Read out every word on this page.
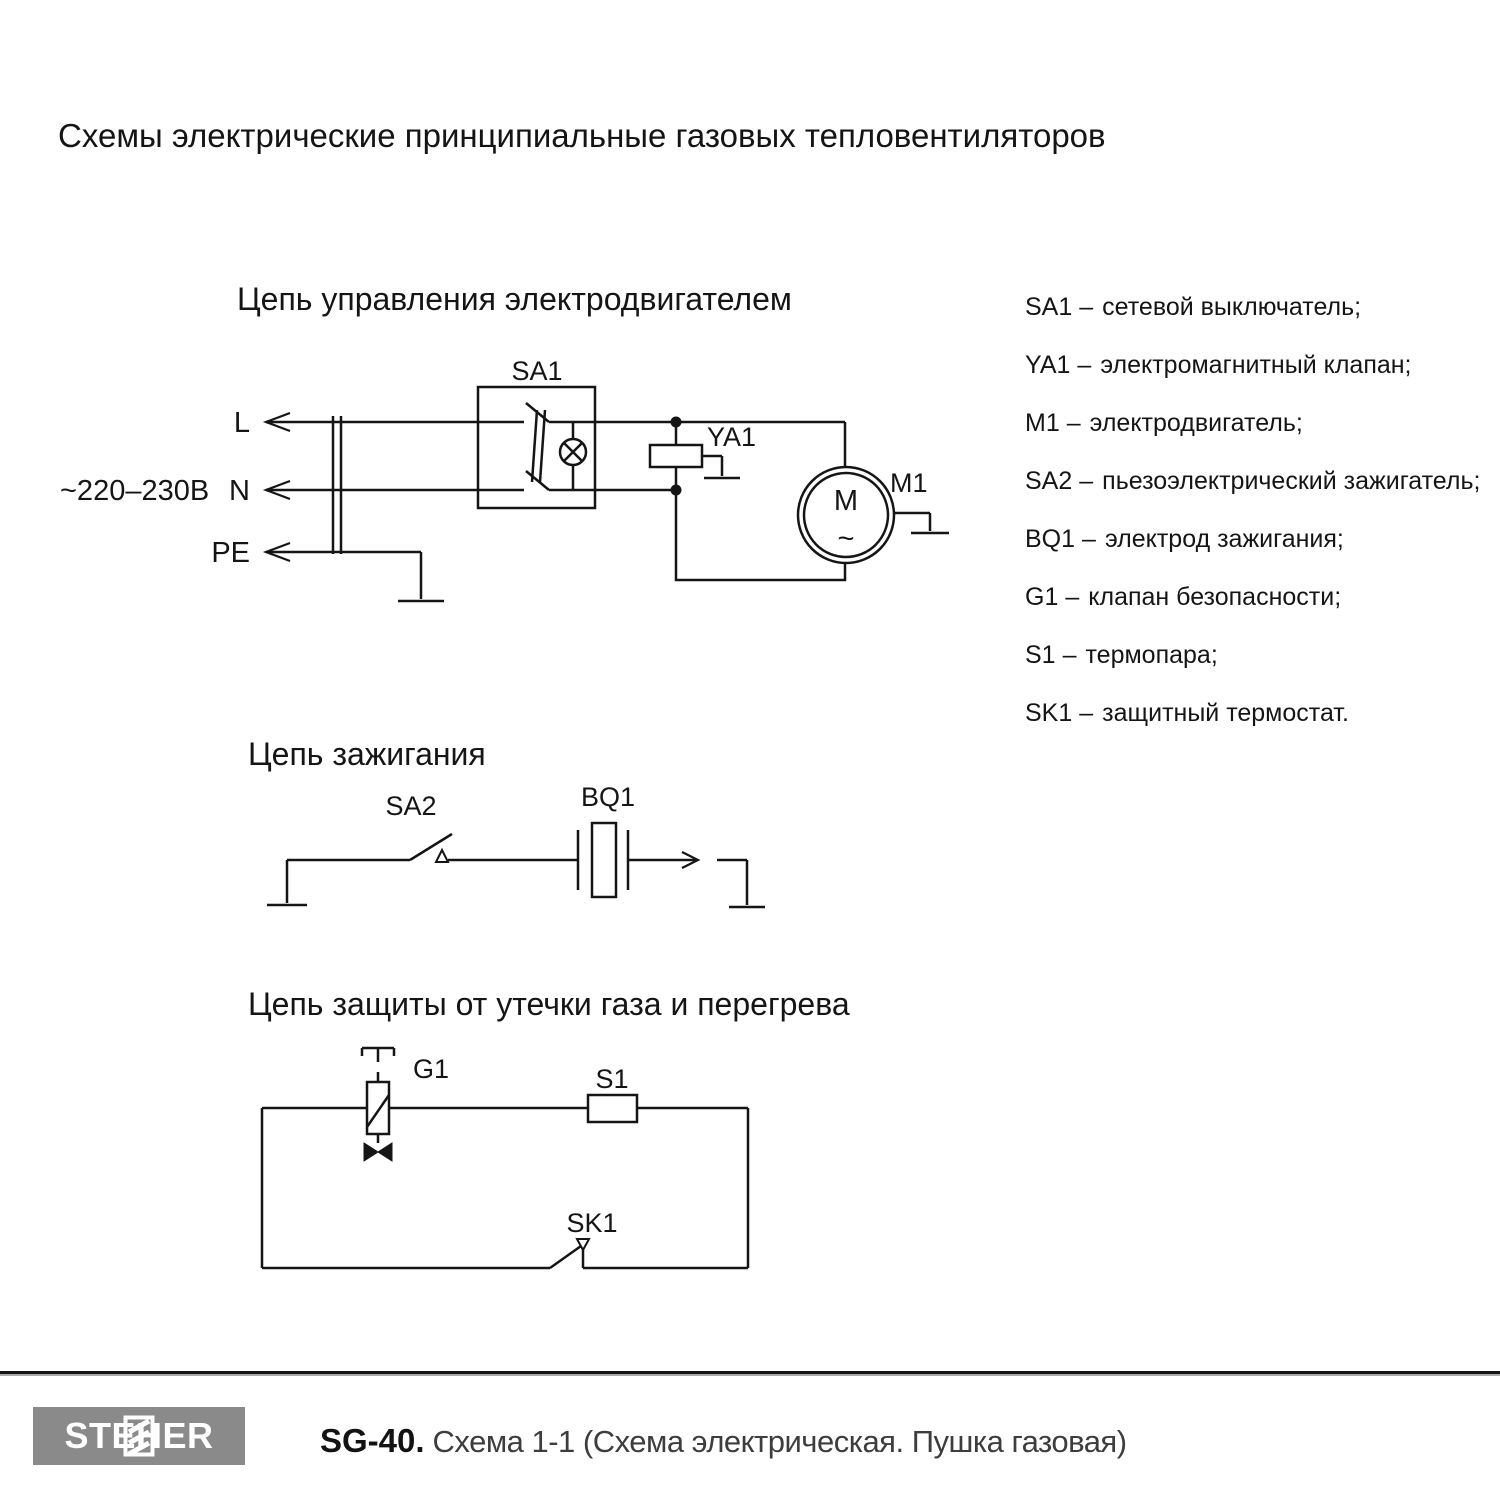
Схемы электрические принципиальные газовых тепловентиляторов
Цепь управления электродвигателем
L
N
PE
~220–230В
SA1
YA1
M
~
M1
Цепь зажигания
SA2	BQ1
Цепь защиты от утечки газа и перегрева
G1	S1
SK1
SA1 – сетевой выключатель;
YA1 – электромагнитный клапан;
M1 – электродвигатель;
SA2 – пьезоэлектрический зажигатель;
BQ1 – электрод зажигания;
G1 – клапан безопасности;
S1 – термопара;
SK1 – защитный термостат.
STEHER	SG-40. Схема 1-1 (Схема электрическая. Пушка газовая)
